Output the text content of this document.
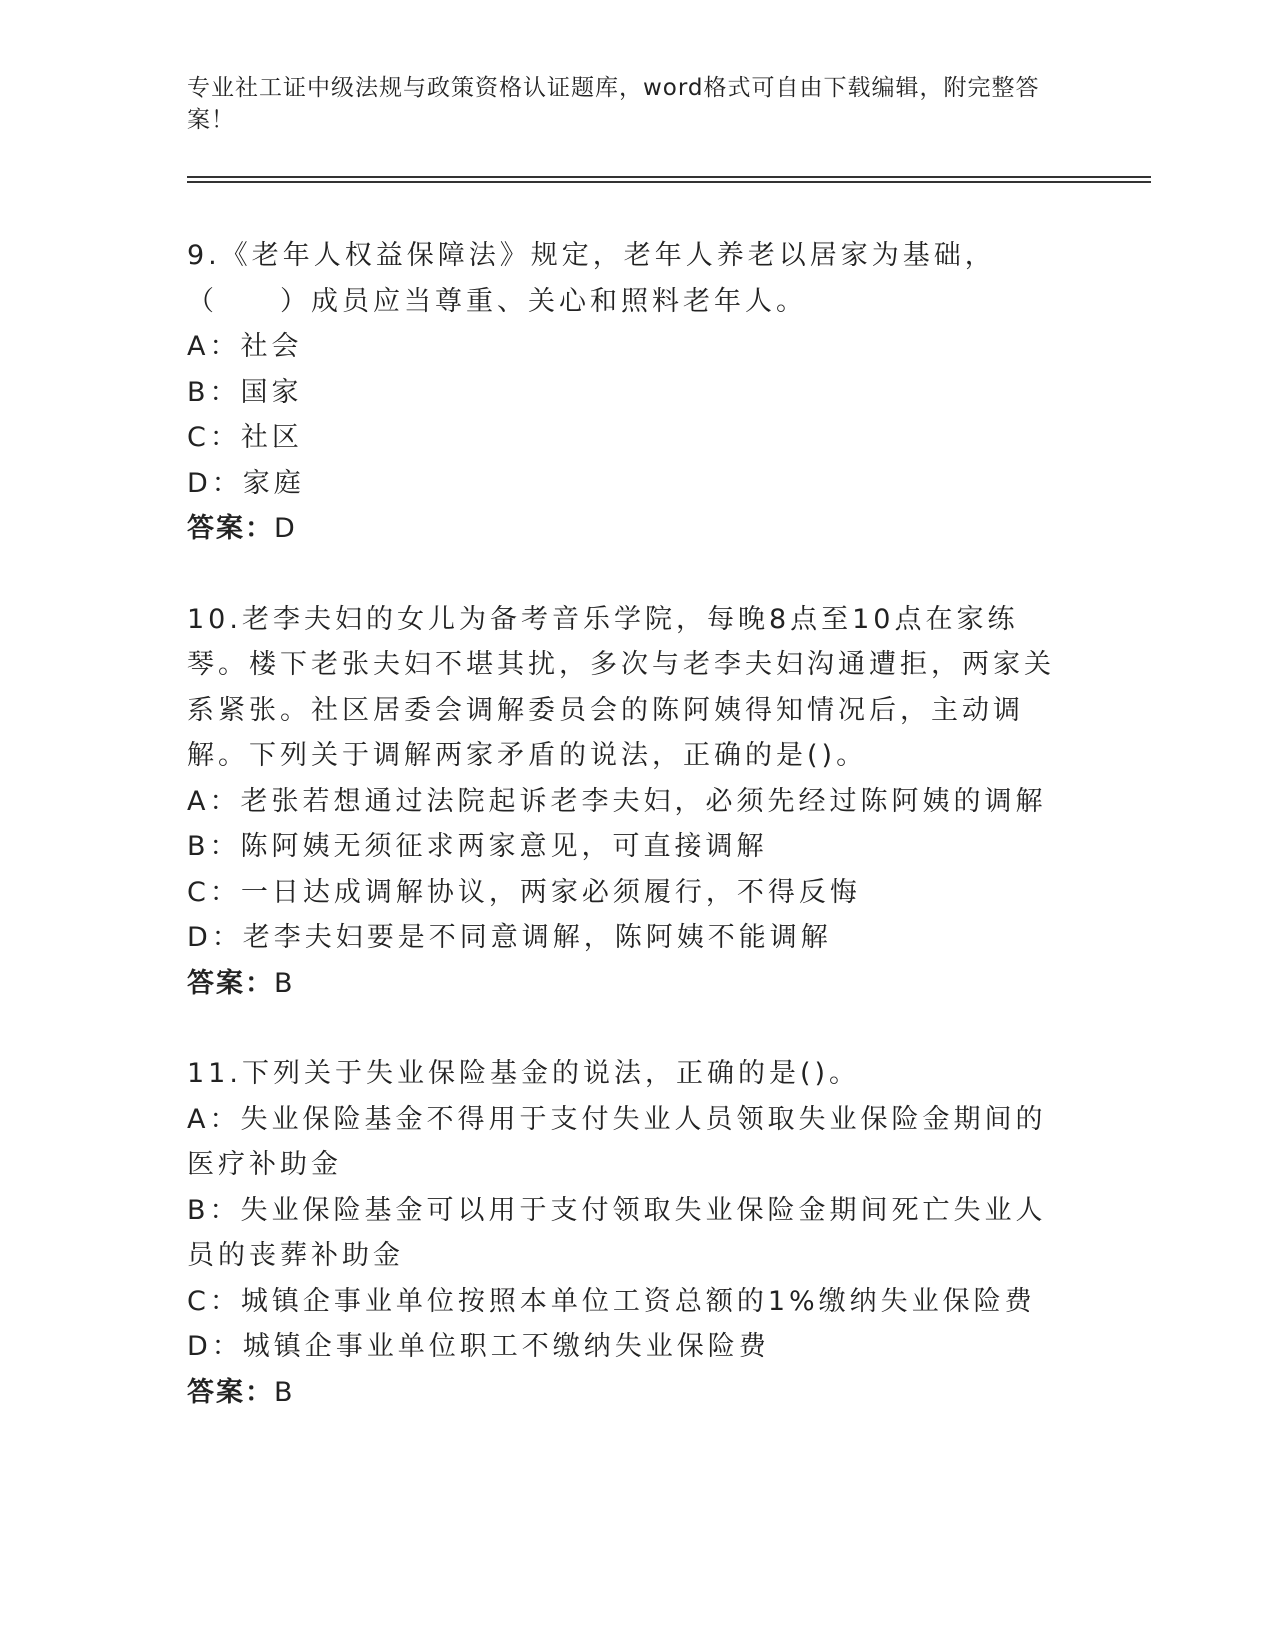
专业社工证中级法规与政策资格认证题库，word格式可自由下载编辑，附完整答案！

9.《老年人权益保障法》规定，老年人养老以居家为基础，（　　）成员应当尊重、关心和照料老年人。

A：社会

B：国家

C：社区

D：家庭

答案：D

10.老李夫妇的女儿为备考音乐学院，每晚8点至10点在家练琴。楼下老张夫妇不堪其扰，多次与老李夫妇沟通遭拒，两家关系紧张。社区居委会调解委员会的陈阿姨得知情况后，主动调解。下列关于调解两家矛盾的说法，正确的是()。

A：老张若想通过法院起诉老李夫妇，必须先经过陈阿姨的调解

B：陈阿姨无须征求两家意见，可直接调解

C：一日达成调解协议，两家必须履行，不得反悔

D：老李夫妇要是不同意调解，陈阿姨不能调解

答案：B

11.下列关于失业保险基金的说法，正确的是()。

A：失业保险基金不得用于支付失业人员领取失业保险金期间的医疗补助金

B：失业保险基金可以用于支付领取失业保险金期间死亡失业人员的丧葬补助金

C：城镇企事业单位按照本单位工资总额的1%缴纳失业保险费

D：城镇企事业单位职工不缴纳失业保险费

答案：B
